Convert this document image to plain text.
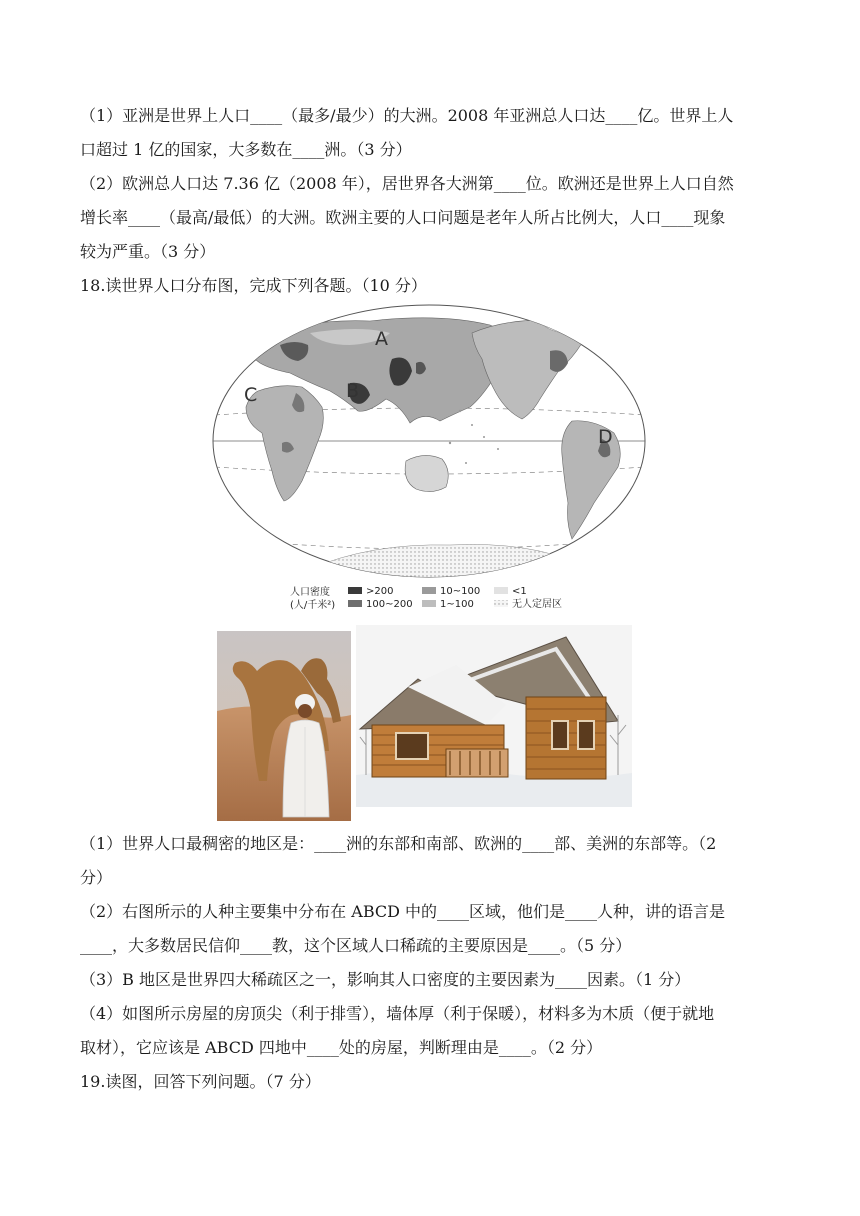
（1）亚洲是世界上人口____（最多/最少）的大洲。2008 年亚洲总人口达____亿。世界上人
口超过 1 亿的国家，大多数在____洲。（3 分）
（2）欧洲总人口达 7.36 亿（2008 年），居世界各大洲第____位。欧洲还是世界上人口自然
增长率____（最高/最低）的大洲。欧洲主要的人口问题是老年人所占比例大，人口____现象
较为严重。（3 分）
18.读世界人口分布图，完成下列各题。（10 分）
A
B
C
D
人口密度
(人/千米²)
>200
100~200
10~100
1~100
<1
无人定居区
（1）世界人口最稠密的地区是：____洲的东部和南部、欧洲的____部、美洲的东部等。（2
分）
（2）右图所示的人种主要集中分布在 ABCD 中的____区域，他们是____人种，讲的语言是
____，大多数居民信仰____教，这个区域人口稀疏的主要原因是____。（5 分）
（3）B 地区是世界四大稀疏区之一，影响其人口密度的主要因素为____因素。（1 分）
（4）如图所示房屋的房顶尖（利于排雪），墙体厚（利于保暖），材料多为木质（便于就地
取材），它应该是 ABCD 四地中____处的房屋，判断理由是____。（2 分）
19.读图，回答下列问题。（7 分）
